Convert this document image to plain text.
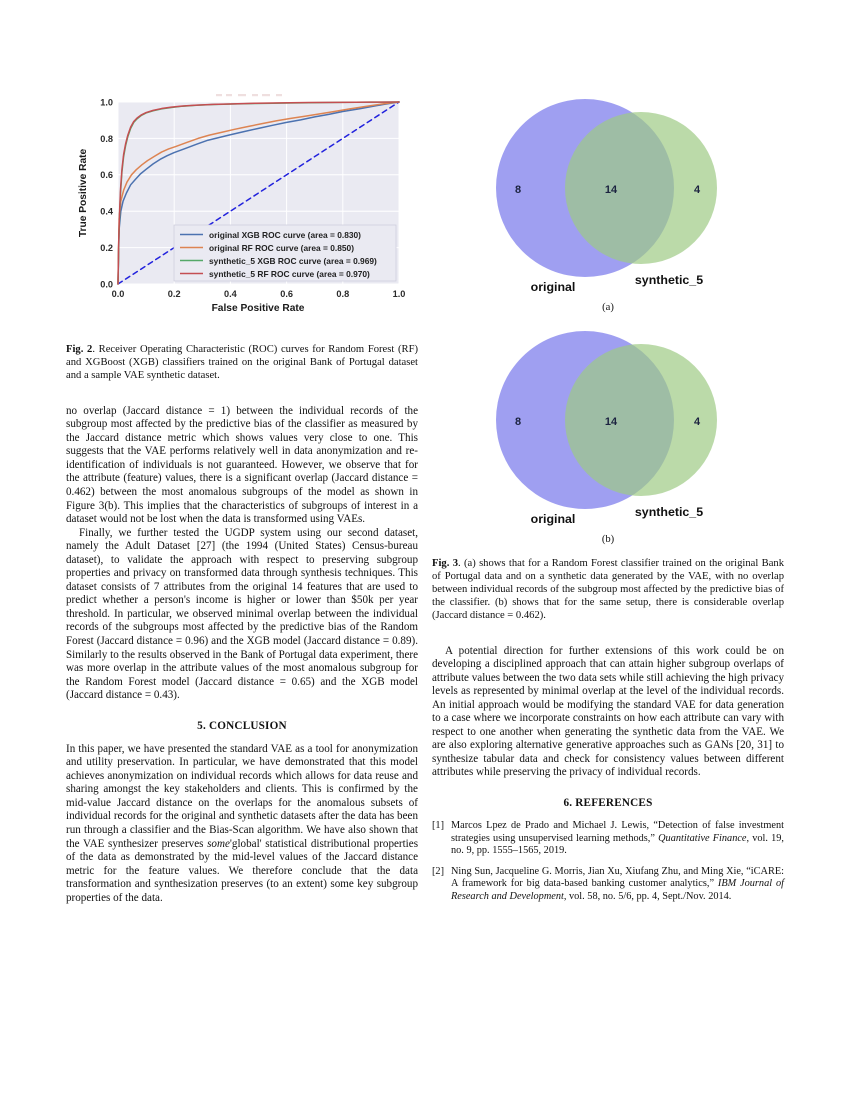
0.0
0.2
0.4
0.6
0.8
1.0
0.0	0.2	0.4	0.6	0.8	1.0
False Positive Rate
True Positive Rate	original XGB ROC curve (area = 0.830)
original RF ROC curve (area = 0.850)
synthetic_5 XGB ROC curve (area = 0.969)
synthetic_5 RF ROC curve (area = 0.970)

Fig. 2. Receiver Operating Characteristic (ROC) curves for Random Forest (RF) and XGBoost (XGB) classifiers trained on the original Bank of Portugal dataset and a sample VAE synthetic dataset.

no overlap (Jaccard distance = 1) between the individual records of the subgroup most affected by the predictive bias of the classifier as measured by the Jaccard distance metric which shows values very close to one. This suggests that the VAE performs relatively well in data anonymization and re-identification of individuals is not guaranteed. However, we observe that for the attribute (feature) values, there is a significant overlap (Jaccard distance = 0.462) between the most anomalous subgroups of the model as shown in Figure 3(b). This implies that the characteristics of subgroups of interest in a dataset would not be lost when the data is transformed using VAEs.

Finally, we further tested the UGDP system using our second dataset, namely the Adult Dataset [27] (the 1994 (United States) Census-bureau dataset), to validate the approach with respect to preserving subgroup properties and privacy on transformed data through synthesis techniques. This dataset consists of 7 attributes from the original 14 features that are used to predict whether a person's income is higher or lower than $50k per year threshold. In particular, we observed minimal overlap between the individual records of the subgroups most affected by the predictive bias of the Random Forest (Jaccard distance = 0.96) and the XGB model (Jaccard distance = 0.89). Similarly to the results observed in the Bank of Portugal data experiment, there was more overlap in the attribute values of the most anomalous subgroup for the Random Forest model (Jaccard distance = 0.65) and the XGB model (Jaccard distance = 0.43).

5. CONCLUSION

In this paper, we have presented the standard VAE as a tool for anonymization and utility preservation. In particular, we have demonstrated that this model achieves anonymization on individual records which allows for data reuse and sharing amongst the key stakeholders and clients. This is confirmed by the mid-value Jaccard distance on the overlaps for the anomalous subsets of individual records for the original and synthetic datasets after the data has been run through a classifier and the Bias-Scan algorithm. We have also shown that the VAE synthesizer preserves some'global' statistical distributional properties of the data as demonstrated by the mid-level values of the Jaccard distance metric for the feature values. We therefore conclude that the data transformation and synthesization preserves (to an extent) some key subgroup properties of the data.

8	14	4
original	synthetic_5

(a)

8	14	4
original	synthetic_5

(b)

Fig. 3. (a) shows that for a Random Forest classifier trained on the original Bank of Portugal data and on a synthetic data generated by the VAE, with no overlap between individual records of the subgroup most affected by the predictive bias of the classifier. (b) shows that for the same setup, there is considerable overlap (Jaccard distance = 0.462).

A potential direction for further extensions of this work could be on developing a disciplined approach that can attain higher subgroup overlaps of attribute values between the two data sets while still achieving the high privacy levels as represented by minimal overlap at the level of the individual records. An initial approach would be modifying the standard VAE for data generation to a case where we incorporate constraints on how each attribute can vary with respect to one another when generating the synthetic data from the VAE. We are also exploring alternative generative approaches such as GANs [20, 31] to synthesize tabular data and check for consistency values between different attributes while preserving the privacy of individual records.

6. REFERENCES
[1] Marcos Lpez de Prado and Michael J. Lewis, “Detection of false investment strategies using unsupervised learning methods,” Quantitative Finance, vol. 19, no. 9, pp. 1555–1565, 2019.
[2] Ning Sun, Jacqueline G. Morris, Jian Xu, Xiufang Zhu, and Ming Xie, “iCARE: A framework for big data-based banking customer analytics,” IBM Journal of Research and Development, vol. 58, no. 5/6, pp. 4, Sept./Nov. 2014.
